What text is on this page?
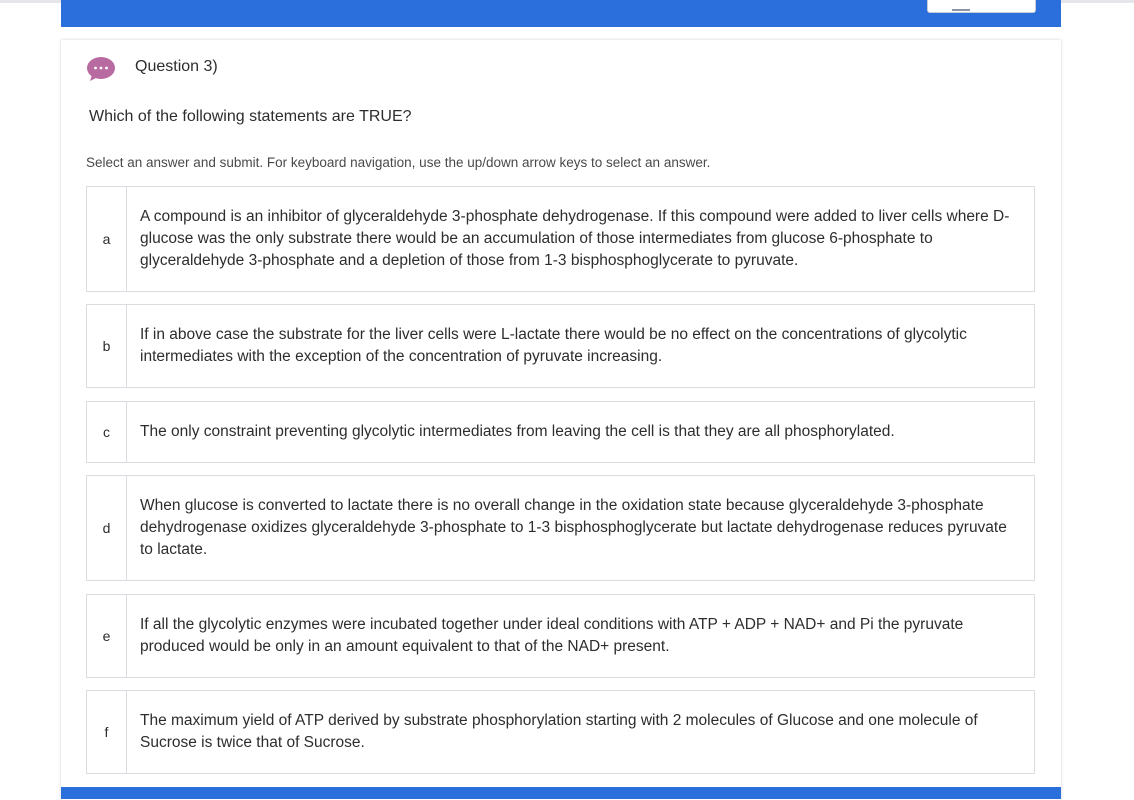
Question 3)
Which of the following statements are TRUE?
Select an answer and submit. For keyboard navigation, use the up/down arrow keys to select an answer.
a
A compound is an inhibitor of glyceraldehyde 3-phosphate dehydrogenase. If this compound were added to liver cells where D-glucose was the only substrate there would be an accumulation of those intermediates from glucose 6-phosphate to glyceraldehyde 3-phosphate and a depletion of those from 1-3 bisphosphoglycerate to pyruvate.
b
If in above case the substrate for the liver cells were L-lactate there would be no effect on the concentrations of glycolytic intermediates with the exception of the concentration of pyruvate increasing.
c	The only constraint preventing glycolytic intermediates from leaving the cell is that they are all phosphorylated.
d
When glucose is converted to lactate there is no overall change in the oxidation state because glyceraldehyde 3-phosphate dehydrogenase oxidizes glyceraldehyde 3-phosphate to 1-3 bisphosphoglycerate but lactate dehydrogenase reduces pyruvate to lactate.
e
If all the glycolytic enzymes were incubated together under ideal conditions with ATP + ADP + NAD+ and Pi the pyruvate produced would be only in an amount equivalent to that of the NAD+ present.
f
The maximum yield of ATP derived by substrate phosphorylation starting with 2 molecules of Glucose and one molecule of Sucrose is twice that of Sucrose.
